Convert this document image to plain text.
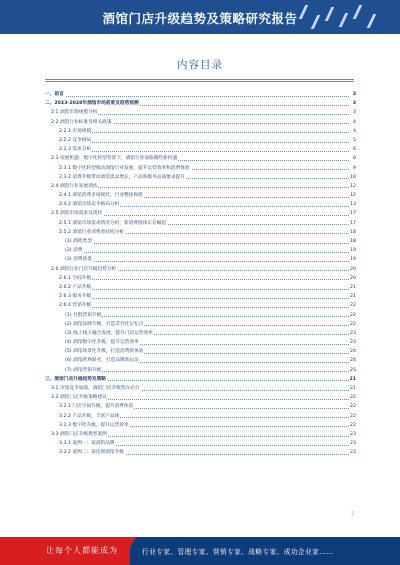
酒馆门店升级趋势及策略研究报告
内容目录
一、前言	3
二、2023-2028年酒馆市场前景及趋势预测	3
2.1 酒馆市场规模分析	3
2.2 酒馆行业标准及相关政策	4
2.2.1 市场规模	4
2.2.2 竞争格局	5
2.2.3 需求分析	6
2.3 发展机遇：数字化转型背景下，酒馆行业面临哪些新机遇	8
2.3.1 数字化转型推动酒馆行业发展，提升运营效率和消费体验	9
2.3.2 消费升级带动酒馆需求增长，产品和服务品质要求提升	10
2.4 酒馆行业发展现状	12
2.4.1 酒馆消费市场现状，行业整体规模	12
2.4.2 酒馆市场竞争格局分析	13
2.5 酒馆市场需求及现状	17
2.5.1 酒馆市场需求情况分析，新消费群体正在崛起	17
2.5.2 酒馆行业消费者结构分析	18
(1) 酒吧类型	18
(2) 消费	19
(3) 消费场景	19
2.6 酒馆行业门店升级趋势分析	20
2.6.1 空间升级	20
2.6.2 产品升级	21
2.6.3 服务升级	21
2.6.4 营销升级	22
(1) 社群营销升级	22
(2) 酒馆品牌升级，打造差异化记忆点	22
(3) 线上线下融合发展，提升门店运营效率	23
(4) 酒馆数字化升级，提升运营效率	23
(5) 酒馆场景化升级，打造消费新体验	24
(6) 酒馆跨界联名，打造品牌新玩法	24
(7) 酒馆营销升级	25
三、酒馆门店升级趋势及策略	21
3.1 市场竞争加剧，酒馆门店升级势在必行	21
3.2 酒馆门店升级策略建议	22
3.2.1 门店空间升级，提升消费体验	22
3.2.2 产品升级，丰富产品线	22
3.2.3 数字化升级，提升运营效率	22
3.3 酒馆门店升级典型案例	23
3.3.1 案例一：某酒馆品牌	23
3.3.2 案例二：某连锁酒馆升级	23
2
让每个人都能成为	行业专家、管理专家、营销专家、战略专家、成功企业家……
